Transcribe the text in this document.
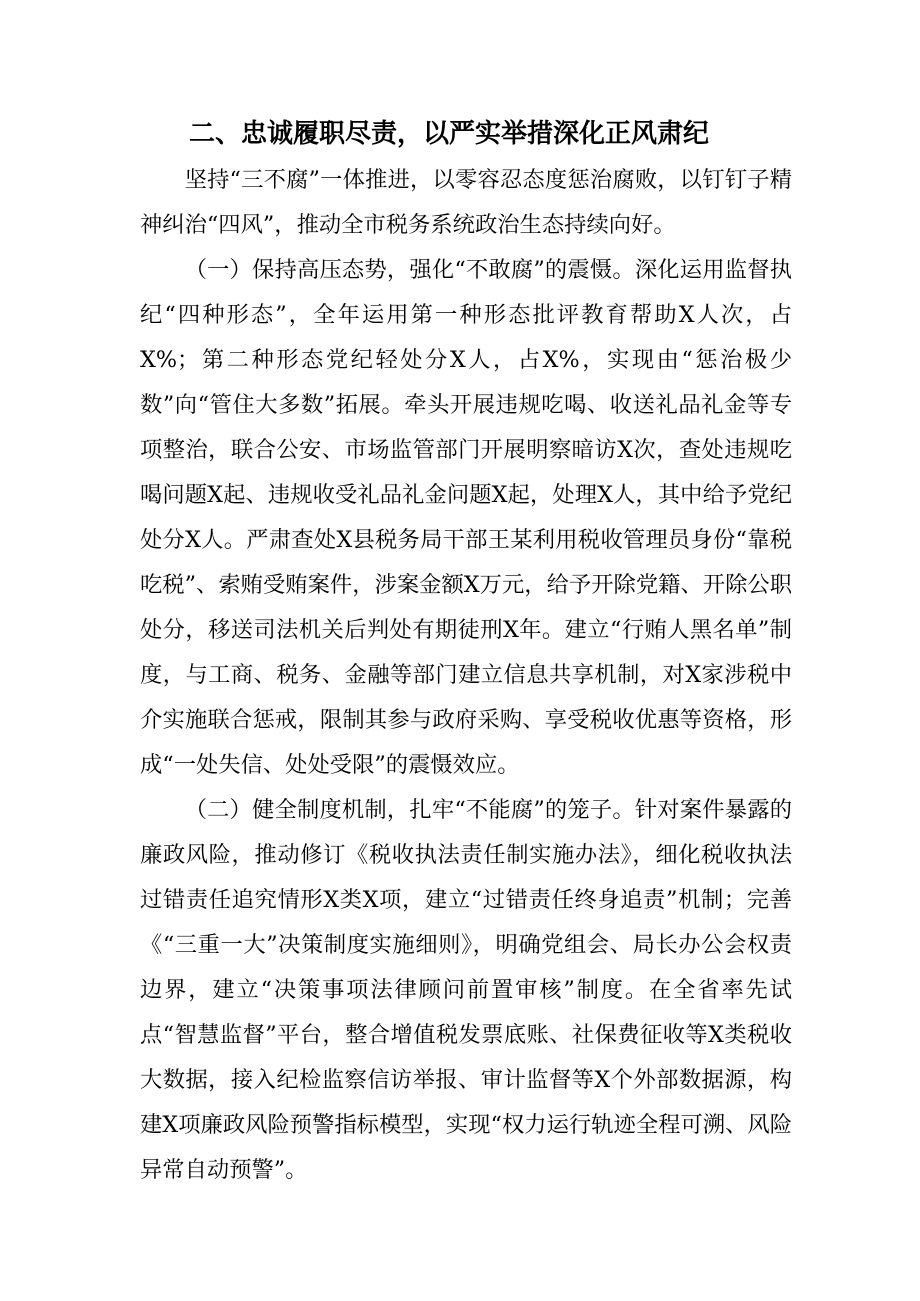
二、忠诚履职尽责，以严实举措深化正风肃纪

坚持“三不腐”一体推进，以零容忍态度惩治腐败，以钉钉子精神纠治“四风”，推动全市税务系统政治生态持续向好。

（一）保持高压态势，强化“不敢腐”的震慑。深化运用监督执纪“四种形态”，全年运用第一种形态批评教育帮助X人次，占X%；第二种形态党纪轻处分X人，占X%，实现由“惩治极少数”向“管住大多数”拓展。牵头开展违规吃喝、收送礼品礼金等专项整治，联合公安、市场监管部门开展明察暗访X次，查处违规吃喝问题X起、违规收受礼品礼金问题X起，处理X人，其中给予党纪处分X人。严肃查处X县税务局干部王某利用税收管理员身份“靠税吃税”、索贿受贿案件，涉案金额X万元，给予开除党籍、开除公职处分，移送司法机关后判处有期徒刑X年。建立“行贿人黑名单”制度，与工商、税务、金融等部门建立信息共享机制，对X家涉税中介实施联合惩戒，限制其参与政府采购、享受税收优惠等资格，形成“一处失信、处处受限”的震慑效应。

（二）健全制度机制，扎牢“不能腐”的笼子。针对案件暴露的廉政风险，推动修订《税收执法责任制实施办法》，细化税收执法过错责任追究情形X类X项，建立“过错责任终身追责”机制；完善《“三重一大”决策制度实施细则》，明确党组会、局长办公会权责边界，建立“决策事项法律顾问前置审核”制度。在全省率先试点“智慧监督”平台，整合增值税发票底账、社保费征收等X类税收大数据，接入纪检监察信访举报、审计监督等X个外部数据源，构建X项廉政风险预警指标模型，实现“权力运行轨迹全程可溯、风险异常自动预警”。
